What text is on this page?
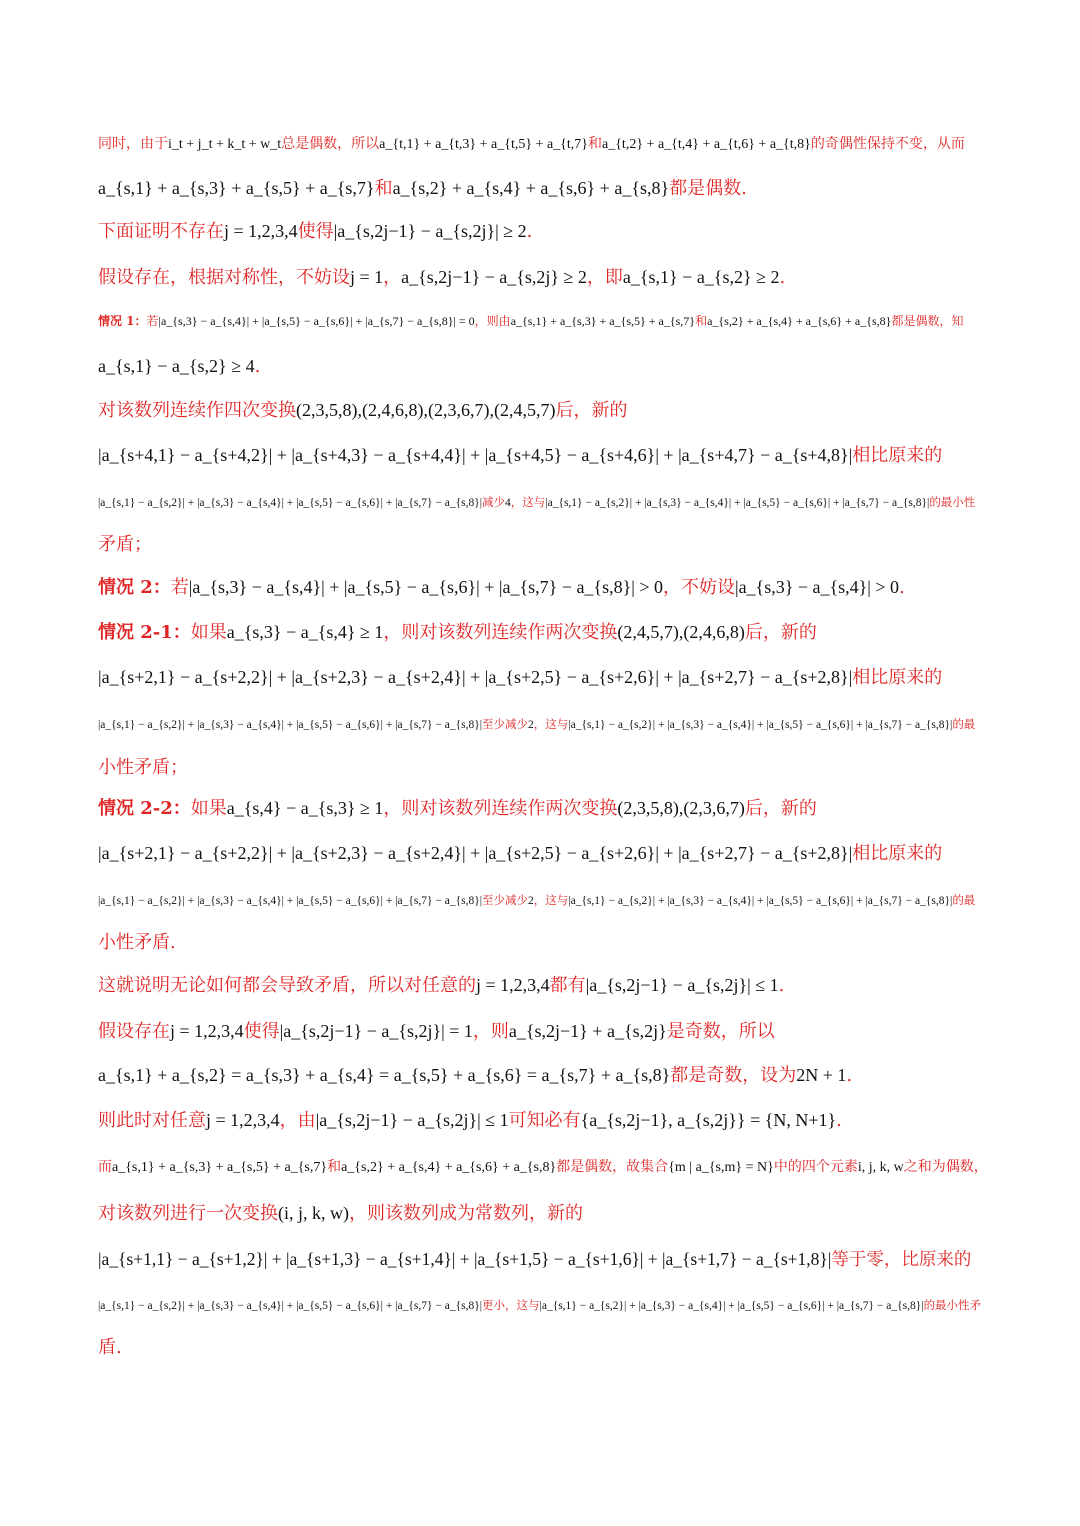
同时，由于i_t + j_t + k_t + w_t总是偶数，所以a_{t,1} + a_{t,3} + a_{t,5} + a_{t,7}和a_{t,2} + a_{t,4} + a_{t,6} + a_{t,8}的奇偶性保持不变，从而
a_{s,1} + a_{s,3} + a_{s,5} + a_{s,7}和a_{s,2} + a_{s,4} + a_{s,6} + a_{s,8}都是偶数.
下面证明不存在j = 1,2,3,4使得|a_{s,2j−1} − a_{s,2j}| ≥ 2.
假设存在，根据对称性，不妨设j = 1，a_{s,2j−1} − a_{s,2j} ≥ 2，即a_{s,1} − a_{s,2} ≥ 2.
情况 1：若|a_{s,3} − a_{s,4}| + |a_{s,5} − a_{s,6}| + |a_{s,7} − a_{s,8}| = 0，则由a_{s,1} + a_{s,3} + a_{s,5} + a_{s,7}和a_{s,2} + a_{s,4} + a_{s,6} + a_{s,8}都是偶数，知
a_{s,1} − a_{s,2} ≥ 4.
对该数列连续作四次变换(2,3,5,8),(2,4,6,8),(2,3,6,7),(2,4,5,7)后，新的
|a_{s+4,1} − a_{s+4,2}| + |a_{s+4,3} − a_{s+4,4}| + |a_{s+4,5} − a_{s+4,6}| + |a_{s+4,7} − a_{s+4,8}|相比原来的
|a_{s,1} − a_{s,2}| + |a_{s,3} − a_{s,4}| + |a_{s,5} − a_{s,6}| + |a_{s,7} − a_{s,8}|减少4，这与|a_{s,1} − a_{s,2}| + |a_{s,3} − a_{s,4}| + |a_{s,5} − a_{s,6}| + |a_{s,7} − a_{s,8}|的最小性
矛盾；
情况 2：若|a_{s,3} − a_{s,4}| + |a_{s,5} − a_{s,6}| + |a_{s,7} − a_{s,8}| > 0，不妨设|a_{s,3} − a_{s,4}| > 0.
情况 2-1：如果a_{s,3} − a_{s,4} ≥ 1，则对该数列连续作两次变换(2,4,5,7),(2,4,6,8)后，新的
|a_{s+2,1} − a_{s+2,2}| + |a_{s+2,3} − a_{s+2,4}| + |a_{s+2,5} − a_{s+2,6}| + |a_{s+2,7} − a_{s+2,8}|相比原来的
|a_{s,1} − a_{s,2}| + |a_{s,3} − a_{s,4}| + |a_{s,5} − a_{s,6}| + |a_{s,7} − a_{s,8}|至少减少2，这与|a_{s,1} − a_{s,2}| + |a_{s,3} − a_{s,4}| + |a_{s,5} − a_{s,6}| + |a_{s,7} − a_{s,8}|的最
小性矛盾；
情况 2-2：如果a_{s,4} − a_{s,3} ≥ 1，则对该数列连续作两次变换(2,3,5,8),(2,3,6,7)后，新的
|a_{s+2,1} − a_{s+2,2}| + |a_{s+2,3} − a_{s+2,4}| + |a_{s+2,5} − a_{s+2,6}| + |a_{s+2,7} − a_{s+2,8}|相比原来的
|a_{s,1} − a_{s,2}| + |a_{s,3} − a_{s,4}| + |a_{s,5} − a_{s,6}| + |a_{s,7} − a_{s,8}|至少减少2，这与|a_{s,1} − a_{s,2}| + |a_{s,3} − a_{s,4}| + |a_{s,5} − a_{s,6}| + |a_{s,7} − a_{s,8}|的最
小性矛盾.
这就说明无论如何都会导致矛盾，所以对任意的j = 1,2,3,4都有|a_{s,2j−1} − a_{s,2j}| ≤ 1.
假设存在j = 1,2,3,4使得|a_{s,2j−1} − a_{s,2j}| = 1，则a_{s,2j−1} + a_{s,2j}是奇数，所以
a_{s,1} + a_{s,2} = a_{s,3} + a_{s,4} = a_{s,5} + a_{s,6} = a_{s,7} + a_{s,8}都是奇数，设为2N + 1.
则此时对任意j = 1,2,3,4，由|a_{s,2j−1} − a_{s,2j}| ≤ 1可知必有{a_{s,2j−1}, a_{s,2j}} = {N, N+1}.
而a_{s,1} + a_{s,3} + a_{s,5} + a_{s,7}和a_{s,2} + a_{s,4} + a_{s,6} + a_{s,8}都是偶数，故集合{m | a_{s,m} = N}中的四个元素i, j, k, w之和为偶数，
对该数列进行一次变换(i, j, k, w)，则该数列成为常数列，新的
|a_{s+1,1} − a_{s+1,2}| + |a_{s+1,3} − a_{s+1,4}| + |a_{s+1,5} − a_{s+1,6}| + |a_{s+1,7} − a_{s+1,8}|等于零，比原来的
|a_{s,1} − a_{s,2}| + |a_{s,3} − a_{s,4}| + |a_{s,5} − a_{s,6}| + |a_{s,7} − a_{s,8}|更小，这与|a_{s,1} − a_{s,2}| + |a_{s,3} − a_{s,4}| + |a_{s,5} − a_{s,6}| + |a_{s,7} − a_{s,8}|的最小性矛
盾.
